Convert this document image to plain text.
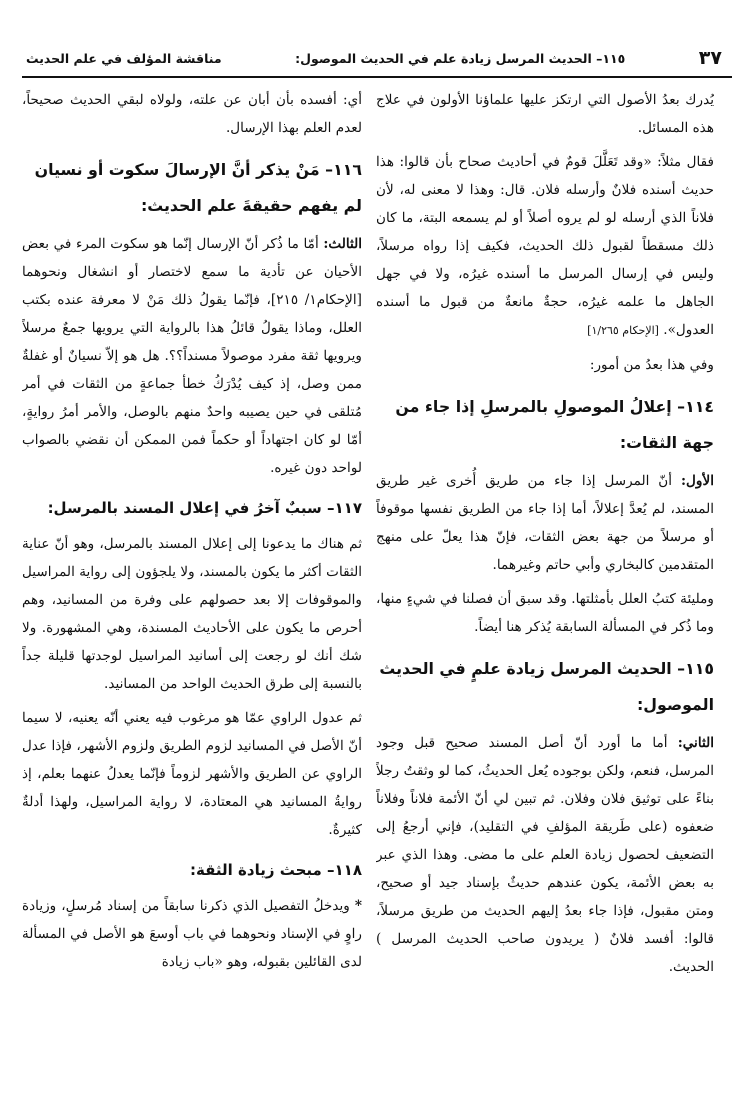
٣٧
١١٥– الحديث المرسل زيادة علم في الحديث الموصول:
مناقشة المؤلف في علم الحديث

يُدرك بعدُ الأصول التي ارتكز عليها علماؤنا الأولون في علاج هذه المسائل.

فقال مثلاً: «وقد تَعَلَّلَ قومٌ في أحاديث صحاح بأن قالوا: هذا حديث أسنده فلانٌ وأرسله فلان. قال: وهذا لا معنى له، لأن فلاناً الذي أرسله لو لم يروه أصلاً أو لم يسمعه البتة، ما كان ذلك مسقطاً لقبول ذلك الحديث، فكيف إذا رواه مرسلاً، وليس في إرسال المرسل ما أسنده غيرُه، ولا في جهل الجاهل ما علمه غيرُه، حجةٌ مانعةٌ من قبول ما أسنده العدول». [الإحكام ١/٢٦٥]

وفي هذا بعدُ من أمور:

١١٤– إعلالُ الموصولِ بالمرسلِ إذا جاء من جهة الثقات:

الأول: أنّ المرسل إذا جاء من طريق أُخرى غير طريق المسند، لم يُعدَّ إعلالاً، أما إذا جاء من الطريق نفسها موقوفاً أو مرسلاً من جهة بعض الثقات، فإنّ هذا يعلّ على منهج المتقدمين كالبخاري وأبي حاتم وغيرهما.

ومليئة كتبُ العلل بأمثلتها. وقد سبق أن فصلنا في شيءٍ منها، وما ذُكر في المسألة السابقة يُذكر هنا أيضاً.

١١٥– الحديث المرسل زيادة علمٍ في الحديث الموصول:

الثاني: أما ما أورد أنّ أصل المسند صحيح قبل وجود المرسل، فنعم، ولكن بوجوده يُعل الحديثُ، كما لو وثقتُ رجلاً بناءً على توثيق فلان وفلان. ثم تبين لي أنّ الأئمة فلاناً وفلاناً ضعفوه (على طَريقة المؤلفِ في التقليد)، فإني أرجعُ إلى التضعيف لحصول زيادة العلم على ما مضى. وهذا الذي عبر به بعض الأئمة، يكون عندهم حديثٌ بإسناد جيد أو صحيح، ومتن مقبول، فإذا جاء بعدُ إليهم الحديث من طريق مرسلاً، قالوا: أفسد فلانٌ ( يريدون صاحب الحديث المرسل ) الحديث.

أي: أفسده بأن أبان عن علته، ولولاه لبقي الحديث صحيحاً، لعدم العلم بهذا الإرسال.

١١٦– مَنْ يذكر أنَّ الإرسالَ سكوت أو نسيان لم يفهم حقيقةَ علم الحديث:

الثالث: أمّا ما ذُكر أنّ الإرسال إنّما هو سكوت المرء في بعض الأحيان عن تأدية ما سمع لاختصار أو انشغال ونحوهما [الإحكام١/ ٢١٥]، فإنّما يقولُ ذلك مَنْ لا معرفة عنده بكتب العلل، وماذا يقولُ قائلُ هذا بالرواية التي يرويها جمعٌ مرسلاً ويرويها ثقة مفرد موصولاً مسنداً؟؟. هل هو إلاّ نسيانٌ أو غفلةٌ ممن وصل، إذ كيف يُدْرَكُ خطأ جماعةٍ من الثقات في أمر مُتلقى في حين يصيبه واحدٌ منهم بالوصل، والأمر أمرُ روايةٍ، أمّا لو كان اجتهاداً أو حكماً فمن الممكن أن نقضي بالصواب لواحد دون غيره.

١١٧– سببٌ آخرُ في إعلال المسند بالمرسل:

ثم هناك ما يدعونا إلى إعلال المسند بالمرسل، وهو أنّ عناية الثقات أكثر ما يكون بالمسند، ولا يلجؤون إلى رواية المراسيل والموقوفات إلا بعد حصولهم على وفرة من المسانيد، وهم أحرص ما يكون على الأحاديث المسندة، وهي المشهورة. ولا شك أنك لو رجعت إلى أسانيد المراسيل لوجدتها قليلة جداً بالنسبة إلى طرق الحديث الواحد من المسانيد.

ثم عدول الراوي عمّا هو مرغوب فيه يعني أنّه يعنيه، لا سيما أنّ الأصل في المسانيد لزوم الطريق ولزوم الأشهر، فإذا عدل الراوي عن الطريق والأشهر لزوماً فإنّما يعدلُ عنهما بعلم، إذ روايةُ المسانيد هي المعتادة، لا رواية المراسيل، ولهذا أدلةٌ كثيرةٌ.

١١٨– مبحث زيادة الثقة:

* ويدخلُ التفصيل الذي ذكرنا سابقاً من إسناد مُرسلٍ، وزيادة راوٍ في الإسناد ونحوهما في باب أوسعَ هو الأصل في المسألة لدى القائلين بقبوله، وهو «باب زيادة
